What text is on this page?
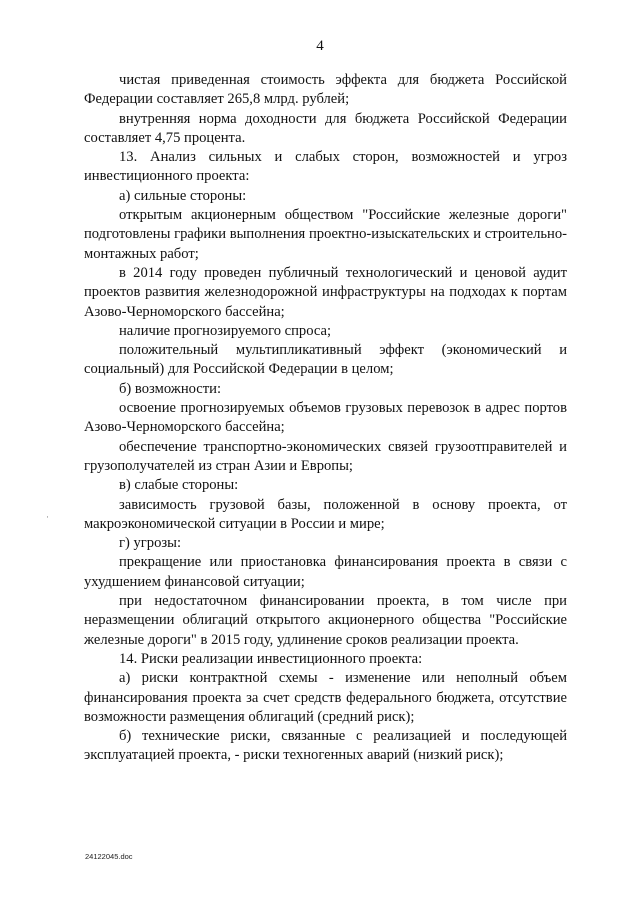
4

чистая приведенная стоимость эффекта для бюджета Российской Федерации составляет 265,8 млрд. рублей;

внутренняя норма доходности для бюджета Российской Федерации составляет 4,75 процента.

13. Анализ сильных и слабых сторон, возможностей и угроз инвестиционного проекта:

а) сильные стороны:

открытым акционерным обществом "Российские железные дороги" подготовлены графики выполнения проектно-изыскательских и строительно-монтажных работ;

в 2014 году проведен публичный технологический и ценовой аудит проектов развития железнодорожной инфраструктуры на подходах к портам Азово-Черноморского бассейна;

наличие прогнозируемого спроса;

положительный мультипликативный эффект (экономический и социальный) для Российской Федерации в целом;

б) возможности:

освоение прогнозируемых объемов грузовых перевозок в адрес портов Азово-Черноморского бассейна;

обеспечение транспортно-экономических связей грузоотправителей и грузополучателей из стран Азии и Европы;

в) слабые стороны:

зависимость грузовой базы, положенной в основу проекта, от макроэкономической ситуации в России и мире;

г) угрозы:

прекращение или приостановка финансирования проекта в связи с ухудшением финансовой ситуации;

при недостаточном финансировании проекта, в том числе при неразмещении облигаций открытого акционерного общества "Российские железные дороги" в 2015 году, удлинение сроков реализации проекта.

14. Риски реализации инвестиционного проекта:

а) риски контрактной схемы - изменение или неполный объем финансирования проекта за счет средств федерального бюджета, отсутствие возможности размещения облигаций (средний риск);

б) технические риски, связанные с реализацией и последующей эксплуатацией проекта, - риски техногенных аварий (низкий риск);

·
24122045.doc
